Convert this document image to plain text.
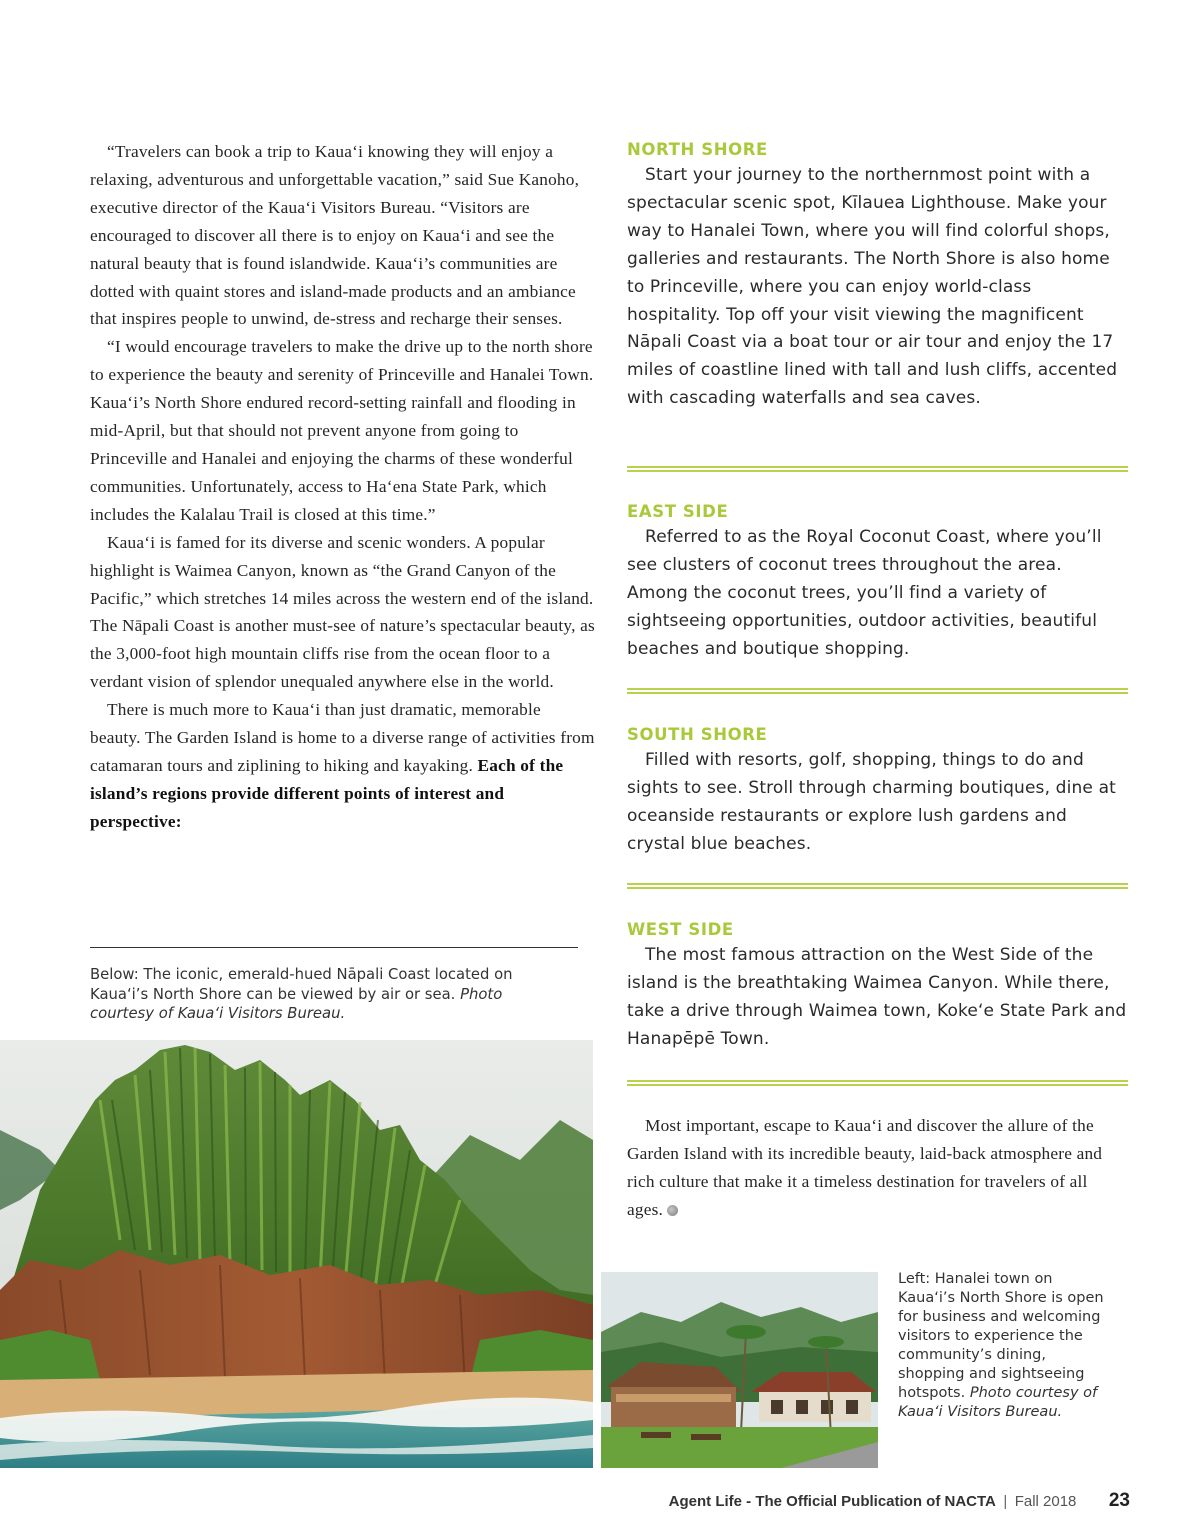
“Travelers can book a trip to Kaua‘i knowing they will enjoy a relaxing, adventurous and unforgettable vacation,” said Sue Kanoho, executive director of the Kaua‘i Visitors Bureau. “Visitors are encouraged to discover all there is to enjoy on Kaua‘i and see the natural beauty that is found islandwide. Kaua‘i’s communities are dotted with quaint stores and island-made products and an ambiance that inspires people to unwind, de-stress and recharge their senses.

“I would encourage travelers to make the drive up to the north shore to experience the beauty and serenity of Princeville and Hanalei Town. Kaua‘i’s North Shore endured record-setting rainfall and flooding in mid-April, but that should not prevent anyone from going to Princeville and Hanalei and enjoying the charms of these wonderful communities. Unfortunately, access to Ha‘ena State Park, which includes the Kalalau Trail is closed at this time.”

Kaua‘i is famed for its diverse and scenic wonders. A popular highlight is Waimea Canyon, known as “the Grand Canyon of the Pacific,” which stretches 14 miles across the western end of the island. The Nāpali Coast is another must-see of nature’s spectacular beauty, as the 3,000-foot high mountain cliffs rise from the ocean floor to a verdant vision of splendor unequaled anywhere else in the world.

There is much more to Kaua‘i than just dramatic, memorable beauty. The Garden Island is home to a diverse range of activities from catamaran tours and ziplining to hiking and kayaking. Each of the island’s regions provide different points of interest and perspective:

Below: The iconic, emerald-hued Nāpali Coast located on Kaua‘i’s North Shore can be viewed by air or sea. Photo courtesy of Kaua‘i Visitors Bureau.
NORTH SHORE

Start your journey to the northernmost point with a spectacular scenic spot, Kīlauea Lighthouse. Make your way to Hanalei Town, where you will find colorful shops, galleries and restaurants. The North Shore is also home to Princeville, where you can enjoy world-class hospitality. Top off your visit viewing the magnificent Nāpali Coast via a boat tour or air tour and enjoy the 17 miles of coastline lined with tall and lush cliffs, accented with cascading waterfalls and sea caves.

EAST SIDE

Referred to as the Royal Coconut Coast, where you’ll see clusters of coconut trees throughout the area. Among the coconut trees, you’ll find a variety of sightseeing opportunities, outdoor activities, beautiful beaches and boutique shopping.

SOUTH SHORE

Filled with resorts, golf, shopping, things to do and sights to see. Stroll through charming boutiques, dine at oceanside restaurants or explore lush gardens and crystal blue beaches.

WEST SIDE

The most famous attraction on the West Side of the island is the breathtaking Waimea Canyon. While there, take a drive through Waimea town, Koke‘e State Park and Hanapēpē Town.

Most important, escape to Kaua‘i and discover the allure of the Garden Island with its incredible beauty, laid-back atmosphere and rich culture that make it a timeless destination for travelers of all ages.

Left: Hanalei town on Kaua‘i’s North Shore is open for business and welcoming visitors to experience the community’s dining, shopping and sightseeing hotspots. Photo courtesy of Kaua‘i Visitors Bureau.
Agent Life - The Official Publication of NACTA | Fall 2018 23
